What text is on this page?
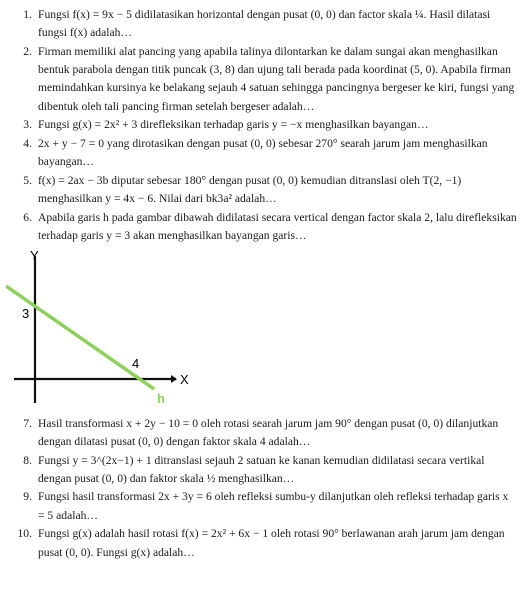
1. Fungsi f(x) = 9x − 5 didilatasikan horizontal dengan pusat (0, 0) dan factor skala ¼. Hasil dilatasi fungsi f(x) adalah…
2. Firman memiliki alat pancing yang apabila talinya dilontarkan ke dalam sungai akan menghasilkan bentuk parabola dengan titik puncak (3, 8) dan ujung tali berada pada koordinat (5, 0). Apabila firman memindahkan kursinya ke belakang sejauh 4 satuan sehingga pancingnya bergeser ke kiri, fungsi yang dibentuk oleh tali pancing firman setelah bergeser adalah…
3. Fungsi g(x) = 2x² + 3 direfleksikan terhadap garis y = −x menghasilkan bayangan…
4. 2x + y − 7 = 0 yang dirotasikan dengan pusat (0, 0) sebesar 270° searah jarum jam menghasilkan bayangan…
5. f(x) = 2ax − 3b diputar sebesar 180° dengan pusat (0, 0) kemudian ditranslasi oleh T(2, −1) menghasilkan y = 4x − 6. Nilai dari bk3a² adalah…
6. Apabila garis h pada gambar dibawah didilatasi secara vertical dengan factor skala 2, lalu direfleksikan terhadap garis y = 3 akan menghasilkan bayangan garis…
Y
X
3
4
h
7. Hasil transformasi x + 2y − 10 = 0 oleh rotasi searah jarum jam 90° dengan pusat (0, 0) dilanjutkan dengan dilatasi pusat (0, 0) dengan faktor skala 4 adalah…
8. Fungsi y = 3^(2x−1) + 1 ditranslasi sejauh 2 satuan ke kanan kemudian didilatasi secara vertikal dengan pusat (0, 0) dan faktor skala ½ menghasilkan…
9. Fungsi hasil transformasi 2x + 3y = 6 oleh refleksi sumbu-y dilanjutkan oleh refleksi terhadap garis x = 5 adalah…
10. Fungsi g(x) adalah hasil rotasi f(x) = 2x² + 6x − 1 oleh rotasi 90° berlawanan arah jarum jam dengan pusat (0, 0). Fungsi g(x) adalah…
